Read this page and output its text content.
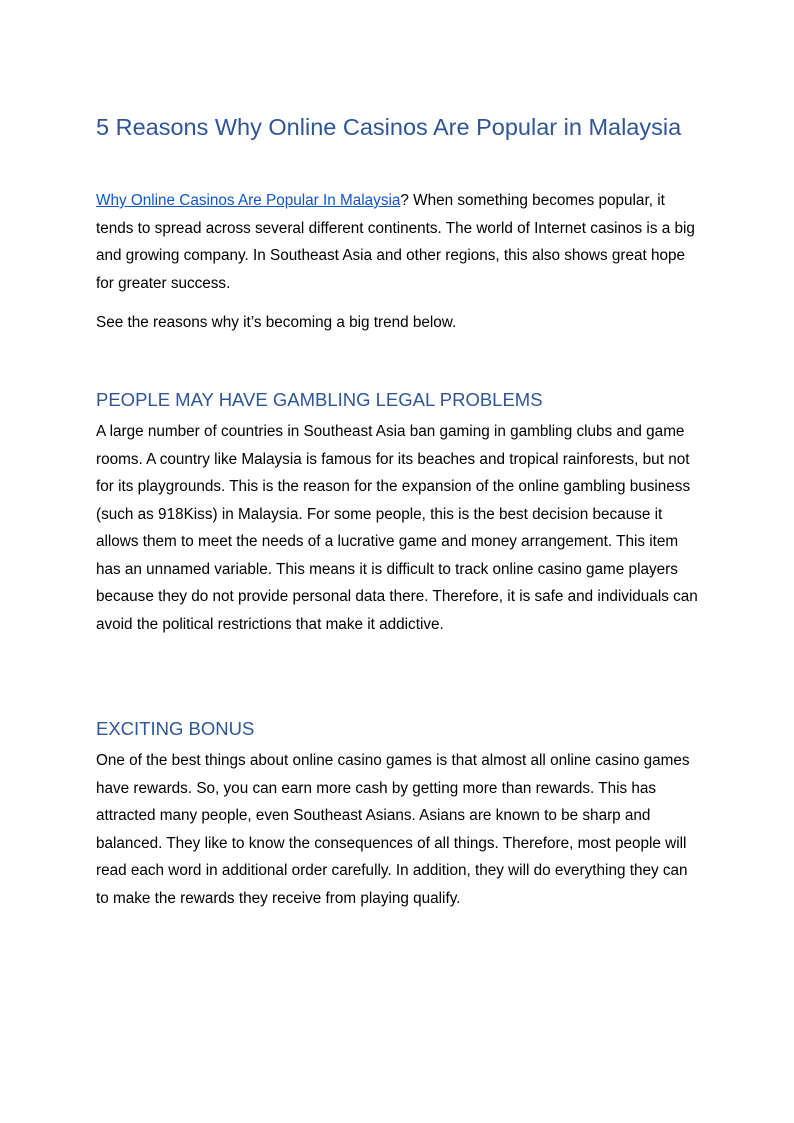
5 Reasons Why Online Casinos Are Popular in Malaysia

Why Online Casinos Are Popular In Malaysia? When something becomes popular, it tends to spread across several different continents. The world of Internet casinos is a big and growing company. In Southeast Asia and other regions, this also shows great hope for greater success.

See the reasons why it’s becoming a big trend below.

PEOPLE MAY HAVE GAMBLING LEGAL PROBLEMS

A large number of countries in Southeast Asia ban gaming in gambling clubs and game rooms. A country like Malaysia is famous for its beaches and tropical rainforests, but not for its playgrounds. This is the reason for the expansion of the online gambling business (such as 918Kiss) in Malaysia. For some people, this is the best decision because it allows them to meet the needs of a lucrative game and money arrangement. This item has an unnamed variable. This means it is difficult to track online casino game players because they do not provide personal data there. Therefore, it is safe and individuals can avoid the political restrictions that make it addictive.

EXCITING BONUS

One of the best things about online casino games is that almost all online casino games have rewards. So, you can earn more cash by getting more than rewards. This has attracted many people, even Southeast Asians. Asians are known to be sharp and balanced. They like to know the consequences of all things. Therefore, most people will read each word in additional order carefully. In addition, they will do everything they can to make the rewards they receive from playing qualify.
